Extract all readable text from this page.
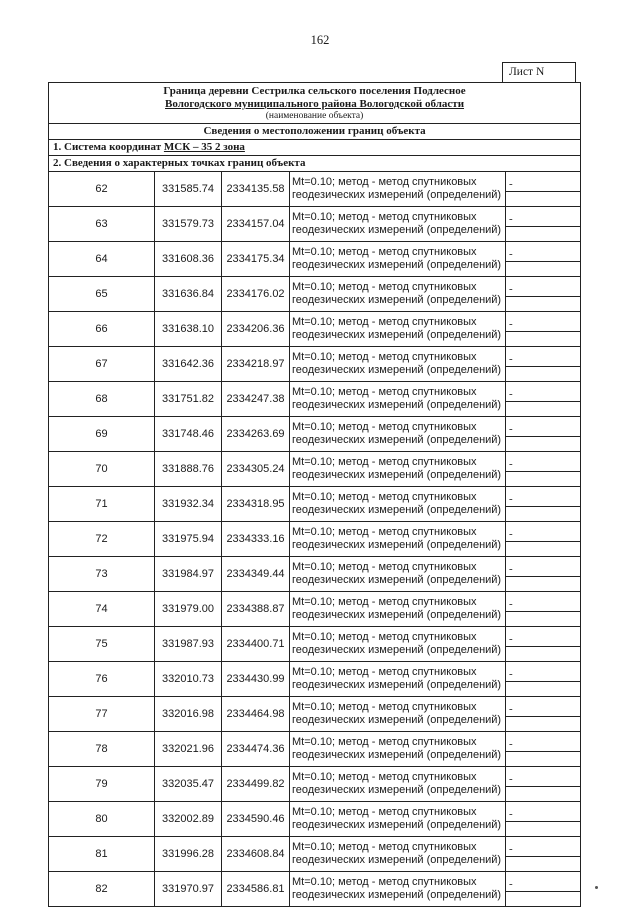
162
Лист N
Граница деревни Сестрилка сельского поселения Подлесное
Вологодского муниципального района Вологодской области
(наименование объекта)				

Сведения о местоположении границ объекта				
1. Система координат МСК – 35 2 зона				
2. Сведения о характерных точках границ объекта				
62	331585.74	2334135.58	Mt=0.10; метод - метод спутниковых
геодезических измерений (определений)	-

63	331579.73	2334157.04	Mt=0.10; метод - метод спутниковых
геодезических измерений (определений)	-

64	331608.36	2334175.34	Mt=0.10; метод - метод спутниковых
геодезических измерений (определений)	-

65	331636.84	2334176.02	Mt=0.10; метод - метод спутниковых
геодезических измерений (определений)	-

66	331638.10	2334206.36	Mt=0.10; метод - метод спутниковых
геодезических измерений (определений)	-

67	331642.36	2334218.97	Mt=0.10; метод - метод спутниковых
геодезических измерений (определений)	-

68	331751.82	2334247.38	Mt=0.10; метод - метод спутниковых
геодезических измерений (определений)	-

69	331748.46	2334263.69	Mt=0.10; метод - метод спутниковых
геодезических измерений (определений)	-

70	331888.76	2334305.24	Mt=0.10; метод - метод спутниковых
геодезических измерений (определений)	-

71	331932.34	2334318.95	Mt=0.10; метод - метод спутниковых
геодезических измерений (определений)	-

72	331975.94	2334333.16	Mt=0.10; метод - метод спутниковых
геодезических измерений (определений)	-

73	331984.97	2334349.44	Mt=0.10; метод - метод спутниковых
геодезических измерений (определений)	-

74	331979.00	2334388.87	Mt=0.10; метод - метод спутниковых
геодезических измерений (определений)	-

75	331987.93	2334400.71	Mt=0.10; метод - метод спутниковых
геодезических измерений (определений)	-

76	332010.73	2334430.99	Mt=0.10; метод - метод спутниковых
геодезических измерений (определений)	-

77	332016.98	2334464.98	Mt=0.10; метод - метод спутниковых
геодезических измерений (определений)	-

78	332021.96	2334474.36	Mt=0.10; метод - метод спутниковых
геодезических измерений (определений)	-

79	332035.47	2334499.82	Mt=0.10; метод - метод спутниковых
геодезических измерений (определений)	-

80	332002.89	2334590.46	Mt=0.10; метод - метод спутниковых
геодезических измерений (определений)	-

81	331996.28	2334608.84	Mt=0.10; метод - метод спутниковых
геодезических измерений (определений)	-

82	331970.97	2334586.81	Mt=0.10; метод - метод спутниковых
геодезических измерений (определений)	-
